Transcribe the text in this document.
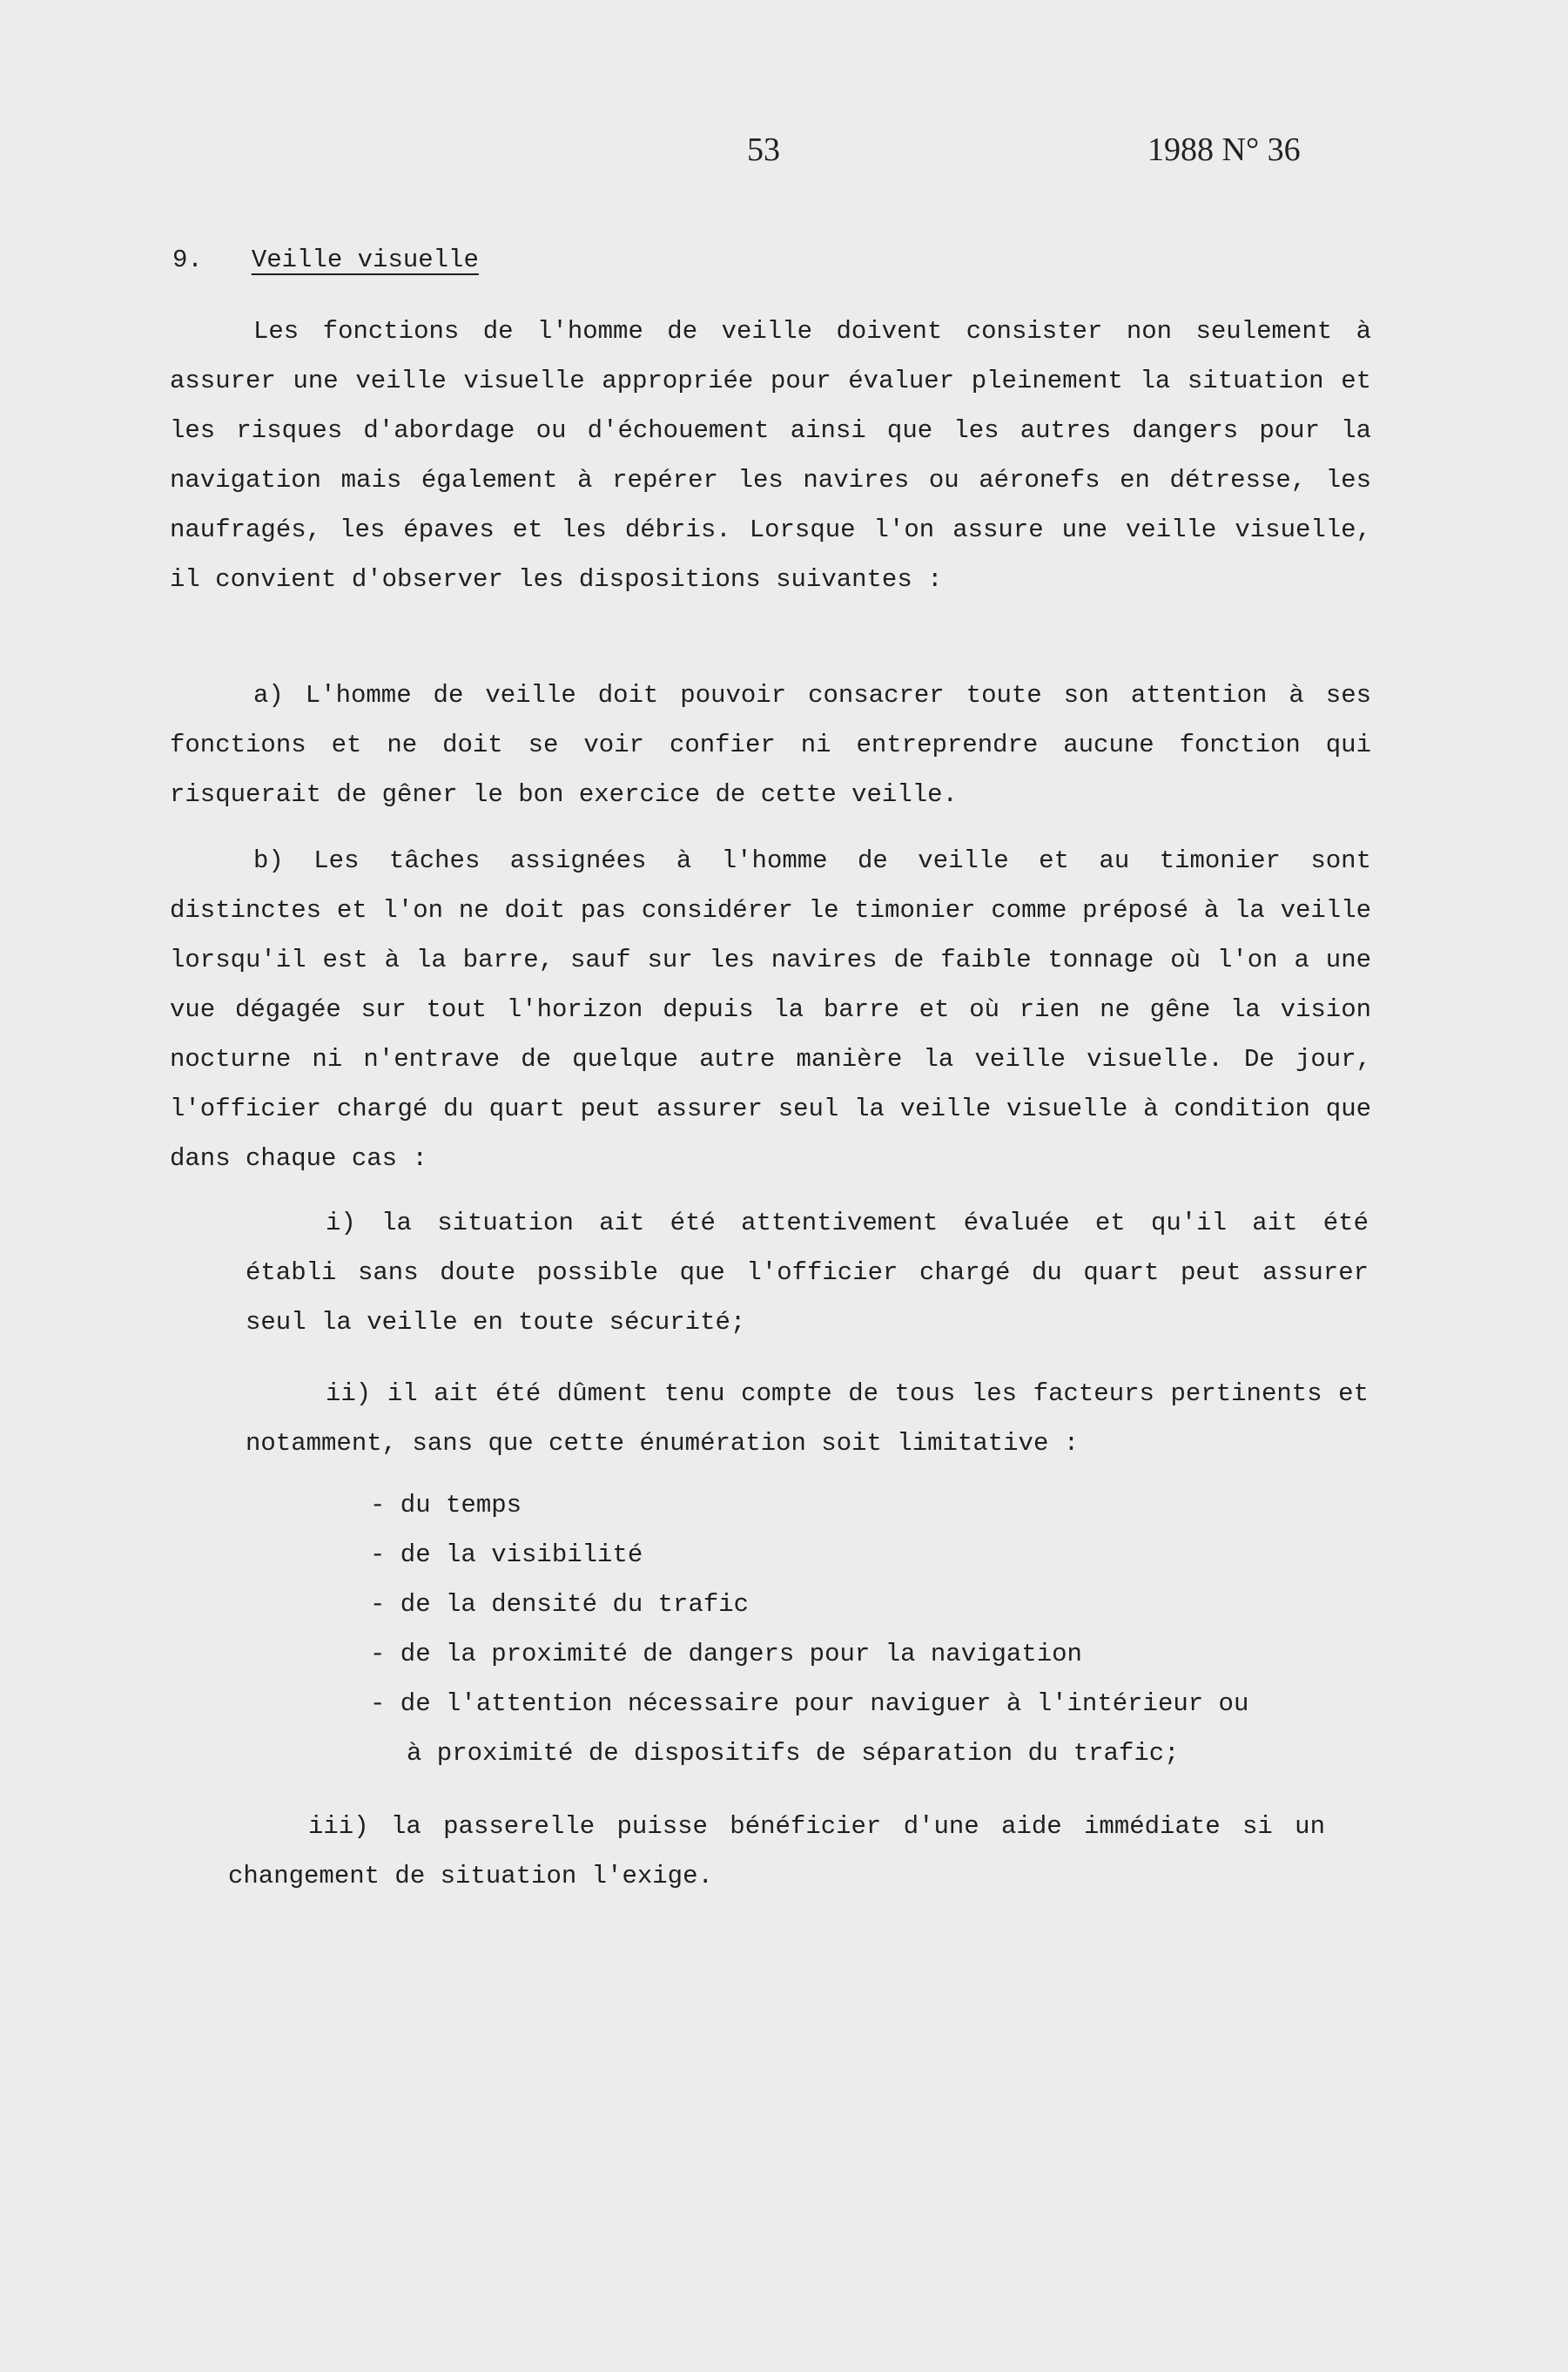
53	1988 N° 36
9. Veille visuelle

Les fonctions de l'homme de veille doivent consister non seulement à assurer une veille visuelle appropriée pour évaluer pleinement la situation et les risques d'abordage ou d'échouement ainsi que les autres dangers pour la navigation mais également à repérer les navires ou aéronefs en détresse, les naufragés, les épaves et les débris. Lorsque l'on assure une veille visuelle, il convient d'observer les dispositions suivantes :

a) L'homme de veille doit pouvoir consacrer toute son attention à ses fonctions et ne doit se voir confier ni entreprendre aucune fonction qui risquerait de gêner le bon exercice de cette veille.

b) Les tâches assignées à l'homme de veille et au timonier sont distinctes et l'on ne doit pas considérer le timonier comme préposé à la veille lorsqu'il est à la barre, sauf sur les navires de faible tonnage où l'on a une vue dégagée sur tout l'horizon depuis la barre et où rien ne gêne la vision nocturne ni n'entrave de quelque autre manière la veille visuelle. De jour, l'officier chargé du quart peut assurer seul la veille visuelle à condition que dans chaque cas :

i) la situation ait été attentivement évaluée et qu'il ait été établi sans doute possible que l'officier chargé du quart peut assurer seul la veille en toute sécurité;

ii) il ait été dûment tenu compte de tous les facteurs pertinents et notamment, sans que cette énumération soit limitative :

- du temps
- de la visibilité
- de la densité du trafic
- de la proximité de dangers pour la navigation
- de l'attention nécessaire pour naviguer à l'intérieur ou
à proximité de dispositifs de séparation du trafic;

iii) la passerelle puisse bénéficier d'une aide immédiate si un changement de situation l'exige.
